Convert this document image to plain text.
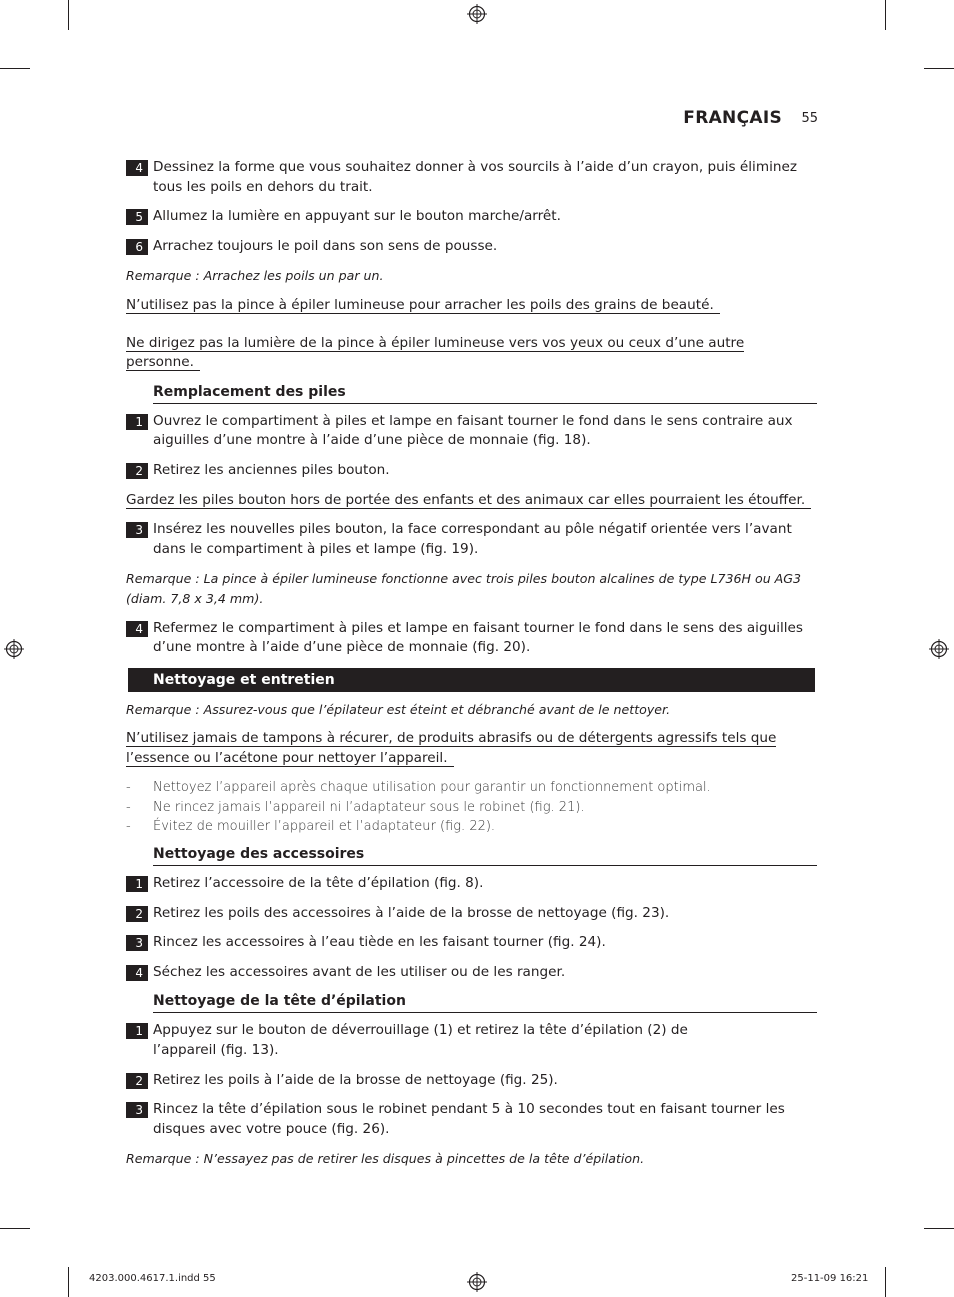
FRANÇAIS 55
4 Dessinez la forme que vous souhaitez donner à vos sourcils à l’aide d’un crayon, puis éliminez tous les poils en dehors du trait.
5 Allumez la lumière en appuyant sur le bouton marche/arrêt.
6 Arrachez toujours le poil dans son sens de pousse.
Remarque : Arrachez les poils un par un.
N’utilisez pas la pince à épiler lumineuse pour arracher les poils des grains de beauté.
Ne dirigez pas la lumière de la pince à épiler lumineuse vers vos yeux ou ceux d’une autre personne.
Remplacement des piles
1 Ouvrez le compartiment à piles et lampe en faisant tourner le fond dans le sens contraire aux aiguilles d’une montre à l’aide d’une pièce de monnaie (fig. 18).
2 Retirez les anciennes piles bouton.
Gardez les piles bouton hors de portée des enfants et des animaux car elles pourraient les étouffer.
3 Insérez les nouvelles piles bouton, la face correspondant au pôle négatif orientée vers l’avant dans le compartiment à piles et lampe (fig. 19).
Remarque : La pince à épiler lumineuse fonctionne avec trois piles bouton alcalines de type L736H ou AG3 (diam. 7,8 x 3,4 mm).
4 Refermez le compartiment à piles et lampe en faisant tourner le fond dans le sens des aiguilles d’une montre à l’aide d’une pièce de monnaie (fig. 20).
Nettoyage et entretien
Remarque : Assurez-vous que l’épilateur est éteint et débranché avant de le nettoyer.
N’utilisez jamais de tampons à récurer, de produits abrasifs ou de détergents agressifs tels que l’essence ou l’acétone pour nettoyer l’appareil.
- Nettoyez l’appareil après chaque utilisation pour garantir un fonctionnement optimal.
- Ne rincez jamais l’appareil ni l’adaptateur sous le robinet (fig. 21).
- Évitez de mouiller l’appareil et l’adaptateur (fig. 22).
Nettoyage des accessoires
1 Retirez l’accessoire de la tête d’épilation (fig. 8).
2 Retirez les poils des accessoires à l’aide de la brosse de nettoyage (fig. 23).
3 Rincez les accessoires à l’eau tiède en les faisant tourner (fig. 24).
4 Séchez les accessoires avant de les utiliser ou de les ranger.
Nettoyage de la tête d’épilation
1 Appuyez sur le bouton de déverrouillage (1) et retirez la tête d’épilation (2) de l’appareil (fig. 13).
2 Retirez les poils à l’aide de la brosse de nettoyage (fig. 25).
3 Rincez la tête d’épilation sous le robinet pendant 5 à 10 secondes tout en faisant tourner les disques avec votre pouce (fig. 26).
Remarque : N’essayez pas de retirer les disques à pincettes de la tête d’épilation.
4203.000.4617.1.indd 55	25-11-09 16:21
